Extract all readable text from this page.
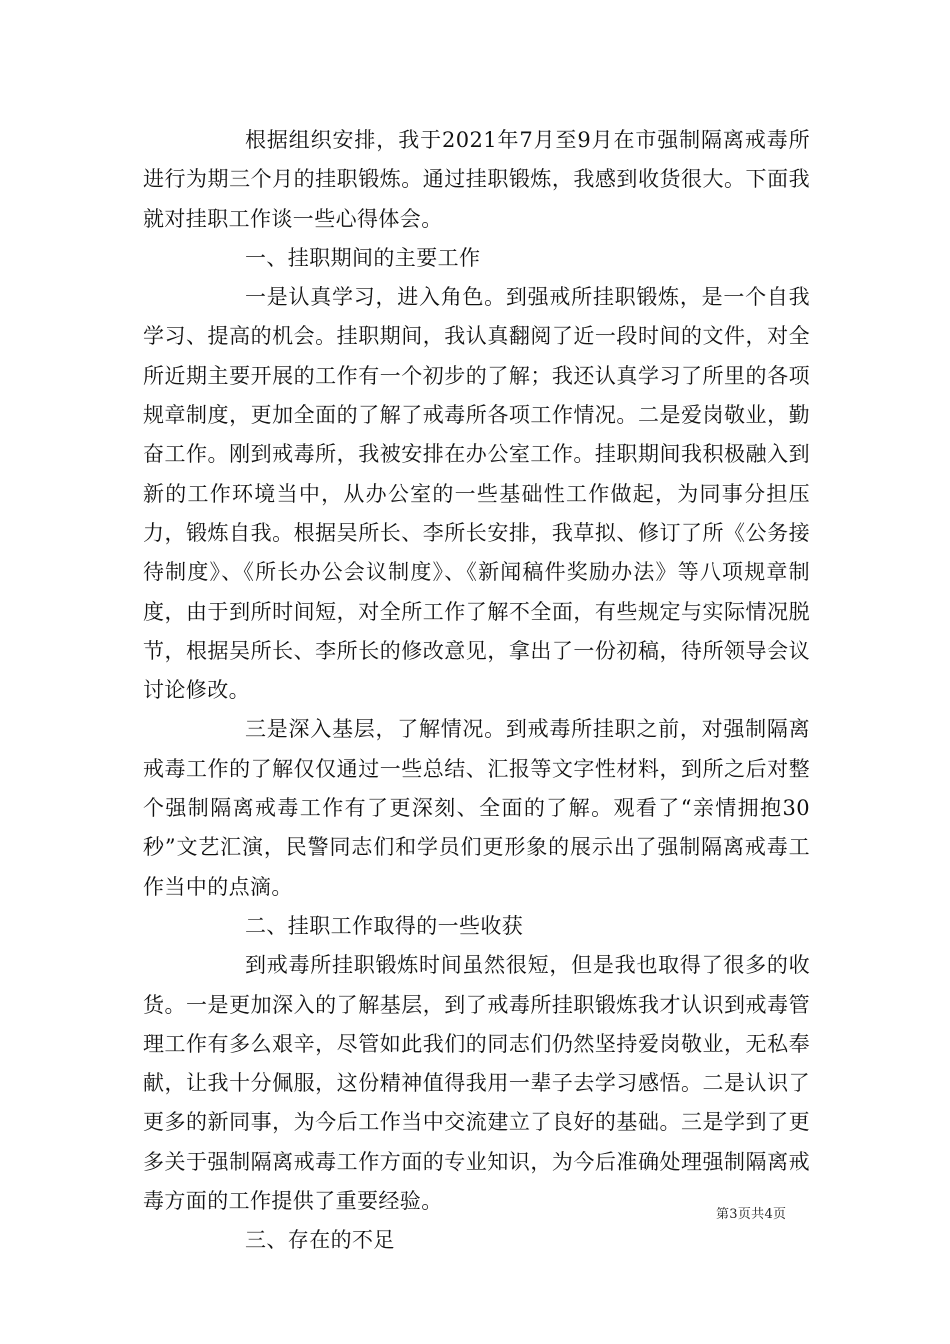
根据组织安排，我于2021年7月至9月在市强制隔离戒毒所进行为期三个月的挂职锻炼。通过挂职锻炼，我感到收货很大。下面我就对挂职工作谈一些心得体会。

一、挂职期间的主要工作

一是认真学习，进入角色。到强戒所挂职锻炼，是一个自我学习、提高的机会。挂职期间，我认真翻阅了近一段时间的文件，对全所近期主要开展的工作有一个初步的了解；我还认真学习了所里的各项规章制度，更加全面的了解了戒毒所各项工作情况。二是爱岗敬业，勤奋工作。刚到戒毒所，我被安排在办公室工作。挂职期间我积极融入到新的工作环境当中，从办公室的一些基础性工作做起，为同事分担压力，锻炼自我。根据吴所长、李所长安排，我草拟、修订了所《公务接待制度》、《所长办公会议制度》、《新闻稿件奖励办法》等八项规章制度，由于到所时间短，对全所工作了解不全面，有些规定与实际情况脱节，根据吴所长、李所长的修改意见，拿出了一份初稿，待所领导会议讨论修改。

三是深入基层，了解情况。到戒毒所挂职之前，对强制隔离戒毒工作的了解仅仅通过一些总结、汇报等文字性材料，到所之后对整个强制隔离戒毒工作有了更深刻、全面的了解。观看了“亲情拥抱30秒”文艺汇演，民警同志们和学员们更形象的展示出了强制隔离戒毒工作当中的点滴。

二、挂职工作取得的一些收获

到戒毒所挂职锻炼时间虽然很短，但是我也取得了很多的收货。一是更加深入的了解基层，到了戒毒所挂职锻炼我才认识到戒毒管理工作有多么艰辛，尽管如此我们的同志们仍然坚持爱岗敬业，无私奉献，让我十分佩服，这份精神值得我用一辈子去学习感悟。二是认识了更多的新同事，为今后工作当中交流建立了良好的基础。三是学到了更多关于强制隔离戒毒工作方面的专业知识，为今后准确处理强制隔离戒毒方面的工作提供了重要经验。

三、存在的不足

第3页共4页
